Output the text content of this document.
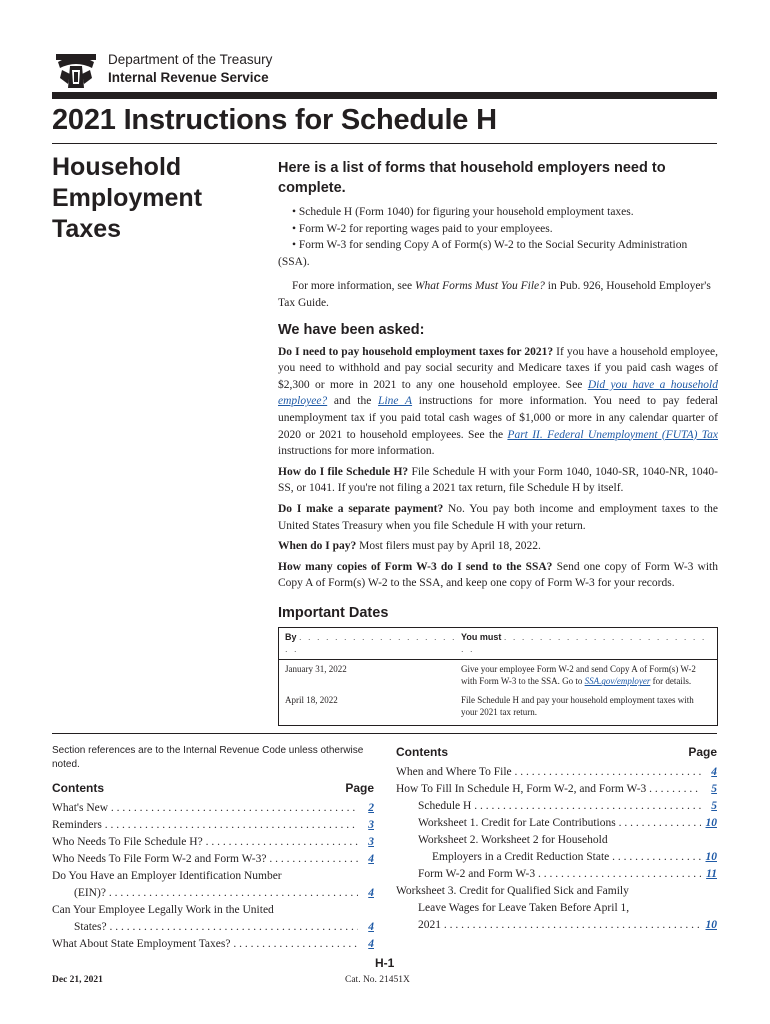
Department of the Treasury
Internal Revenue Service
2021 Instructions for Schedule H
Household Employment Taxes
Here is a list of forms that household employers need to complete.
• Schedule H (Form 1040) for figuring your household employment taxes.
• Form W-2 for reporting wages paid to your employees.
• Form W-3 for sending Copy A of Form(s) W-2 to the Social Security Administration (SSA).

For more information, see What Forms Must You File? in Pub. 926, Household Employer's Tax Guide.

We have been asked:

Do I need to pay household employment taxes for 2021? If you have a household employee, you need to withhold and pay social security and Medicare taxes if you paid cash wages of $2,300 or more in 2021 to any one household employee. See Did you have a household employee? and the Line A instructions for more information. You need to pay federal unemployment tax if you paid total cash wages of $1,000 or more in any calendar quarter of 2020 or 2021 to household employees. See the Part II. Federal Unemployment (FUTA) Tax instructions for more information.

How do I file Schedule H? File Schedule H with your Form 1040, 1040-SR, 1040-NR, 1040-SS, or 1041. If you're not filing a 2021 tax return, file Schedule H by itself.

Do I make a separate payment? No. You pay both income and employment taxes to the United States Treasury when you file Schedule H with your return.

When do I pay? Most filers must pay by April 18, 2022.

How many copies of Form W-3 do I send to the SSA? Send one copy of Form W-3 with Copy A of Form(s) W-2 to the SSA, and keep one copy of Form W-3 for your records.

Important Dates
By . . . . . . . . . . . . . . . . . . . .
You must . . . . . . . . . . . . . . . . . . . . . . . . .
January 31, 2022	Give your employee Form W-2 and send Copy A of Form(s) W-2 with Form W-3 to the SSA. Go to SSA.gov/employer for details.
April 18, 2022	File Schedule H and pay your household employment taxes with your 2021 tax return.
Section references are to the Internal Revenue Code unless otherwise noted.
Contents	Page
What's New . . .	2
Reminders . . .	3
Who Needs To File Schedule H? . . .	3
Who Needs To File Form W-2 and Form W-3? . . .	4
Do You Have an Employer Identification Number
(EIN)? . . .	4
Can Your Employee Legally Work in the United
States? . . .	4
What About State Employment Taxes? . . .	4
Contents	Page
When and Where To File . . .	4
How To Fill In Schedule H, Form W-2, and Form W-3 . . .	5
Schedule H . . .	5
Worksheet 1. Credit for Late Contributions . . .	10
Worksheet 2. Worksheet 2 for Household
Employers in a Credit Reduction State . . .	10
Form W-2 and Form W-3 . . .	11
Worksheet 3. Credit for Qualified Sick and Family
Leave Wages for Leave Taken Before April 1,
2021 . . .	10
H-1
Dec 21, 2021	Cat. No. 21451X
